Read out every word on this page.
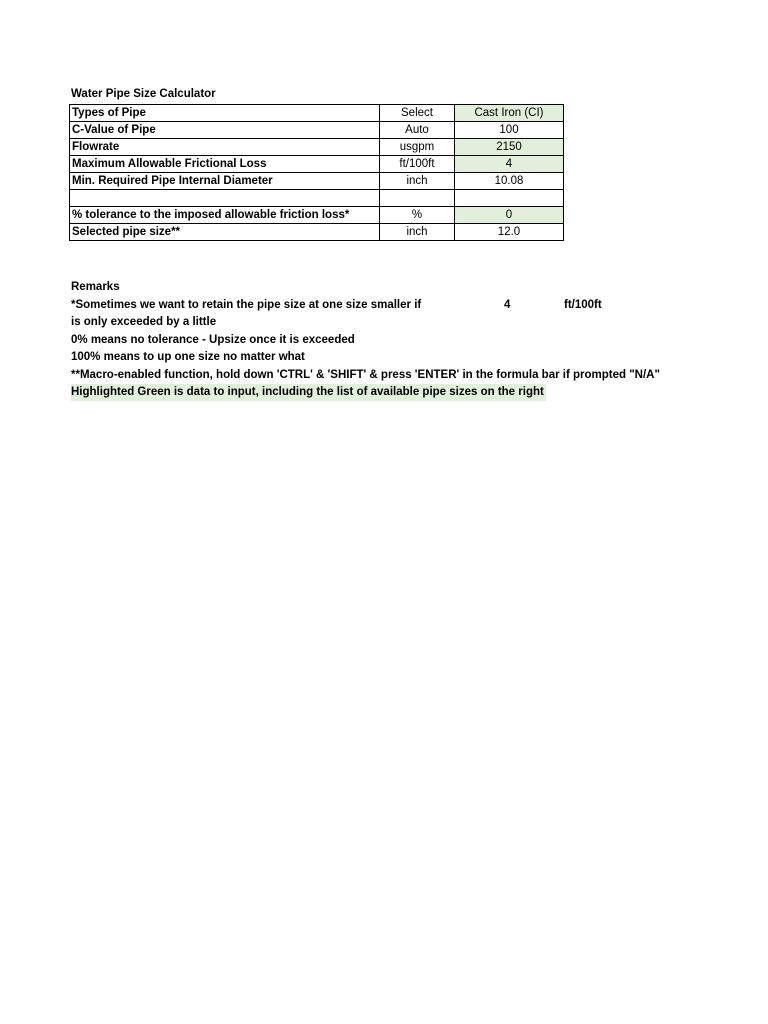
Water Pipe Size Calculator
Types of Pipe	Select	Cast Iron (CI)
C-Value of Pipe	Auto	100
Flowrate	usgpm	2150
Maximum Allowable Frictional Loss	ft/100ft	4
Min. Required Pipe Internal Diameter	inch	10.08

% tolerance to the imposed allowable friction loss*	%	0
Selected pipe size**	inch	12.0
Remarks
*Sometimes we want to retain the pipe size at one size smaller if	4	ft/100ft
is only exceeded by a little
0% means no tolerance - Upsize once it is exceeded
100% means to up one size no matter what
**Macro-enabled function, hold down 'CTRL' & 'SHIFT' & press 'ENTER' in the formula bar if prompted "N/A"
Highlighted Green is data to input, including the list of available pipe sizes on the right
